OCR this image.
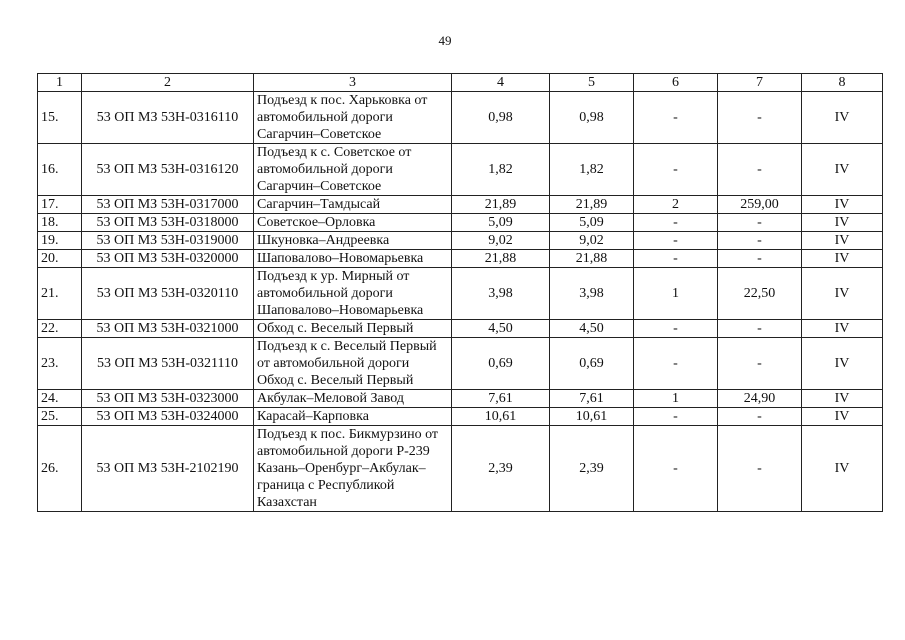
49
1	2	3	4	5	6	7	8
15.	53 ОП МЗ 53Н-0316110	Подъезд к пос. Харьковка от автомобильной дороги Сагарчин–Советское	0,98	0,98	-	-	IV
16.	53 ОП МЗ 53Н-0316120	Подъезд к с. Советское от автомобильной дороги Сагарчин–Советское	1,82	1,82	-	-	IV
17.	53 ОП МЗ 53Н-0317000	Сагарчин–Тамдысай	21,89	21,89	2	259,00	IV
18.	53 ОП МЗ 53Н-0318000	Советское–Орловка	5,09	5,09	-	-	IV
19.	53 ОП МЗ 53Н-0319000	Шкуновка–Андреевка	9,02	9,02	-	-	IV
20.	53 ОП МЗ 53Н-0320000	Шаповалово–Новомарьевка	21,88	21,88	-	-	IV
21.	53 ОП МЗ 53Н-0320110	Подъезд к ур. Мирный от автомобильной дороги Шаповалово–Новомарьевка	3,98	3,98	1	22,50	IV
22.	53 ОП МЗ 53Н-0321000	Обход с. Веселый Первый	4,50	4,50	-	-	IV
23.	53 ОП МЗ 53Н-0321110	Подъезд к с. Веселый Первый от автомобильной дороги Обход с. Веселый Первый	0,69	0,69	-	-	IV
24.	53 ОП МЗ 53Н-0323000	Акбулак–Меловой Завод	7,61	7,61	1	24,90	IV
25.	53 ОП МЗ 53Н-0324000	Карасай–Карповка	10,61	10,61	-	-	IV
26.	53 ОП МЗ 53Н-2102190	Подъезд к пос. Бикмурзино от автомобильной дороги Р-239 Казань–Оренбург–Акбулак–граница с Республикой Казахстан	2,39	2,39	-	-	IV
